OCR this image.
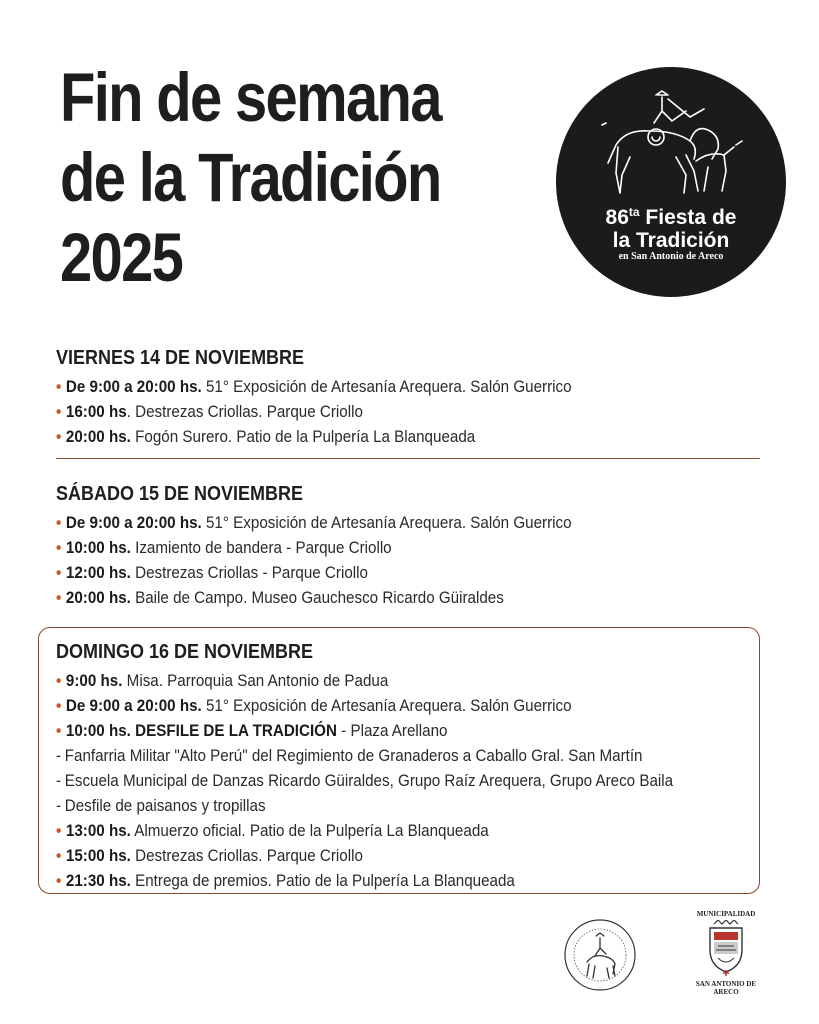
Fin de semana
de la Tradición
2025
$86^{ta}$ Fiesta de
la Tradición
en San Antonio de Areco
VIERNES 14 DE NOVIEMBRE
• De 9:00 a 20:00 hs. 51° Exposición de Artesanía Arequera. Salón Guerrico
• 16:00 hs. Destrezas Criollas. Parque Criollo
• 20:00 hs. Fogón Surero. Patio de la Pulpería La Blanqueada
SÁBADO 15 DE NOVIEMBRE
• De 9:00 a 20:00 hs. 51° Exposición de Artesanía Arequera. Salón Guerrico
• 10:00 hs. Izamiento de bandera - Parque Criollo
• 12:00 hs. Destrezas Criollas - Parque Criollo
• 20:00 hs. Baile de Campo. Museo Gauchesco Ricardo Güiraldes
DOMINGO 16 DE NOVIEMBRE
• 9:00 hs. Misa. Parroquia San Antonio de Padua
• De 9:00 a 20:00 hs. 51° Exposición de Artesanía Arequera. Salón Guerrico
• 10:00 hs. DESFILE DE LA TRADICIÓN - Plaza Arellano
- Fanfarria Militar "Alto Perú" del Regimiento de Granaderos a Caballo Gral. San Martín
- Escuela Municipal de Danzas Ricardo Güiraldes, Grupo Raíz Arequera, Grupo Areco Baila
- Desfile de paisanos y tropillas
• 13:00 hs. Almuerzo oficial. Patio de la Pulpería La Blanqueada
• 15:00 hs. Destrezas Criollas. Parque Criollo
• 21:30 hs. Entrega de premios. Patio de la Pulpería La Blanqueada
MUNICIPALIDAD
SAN ANTONIO DE ARECO
